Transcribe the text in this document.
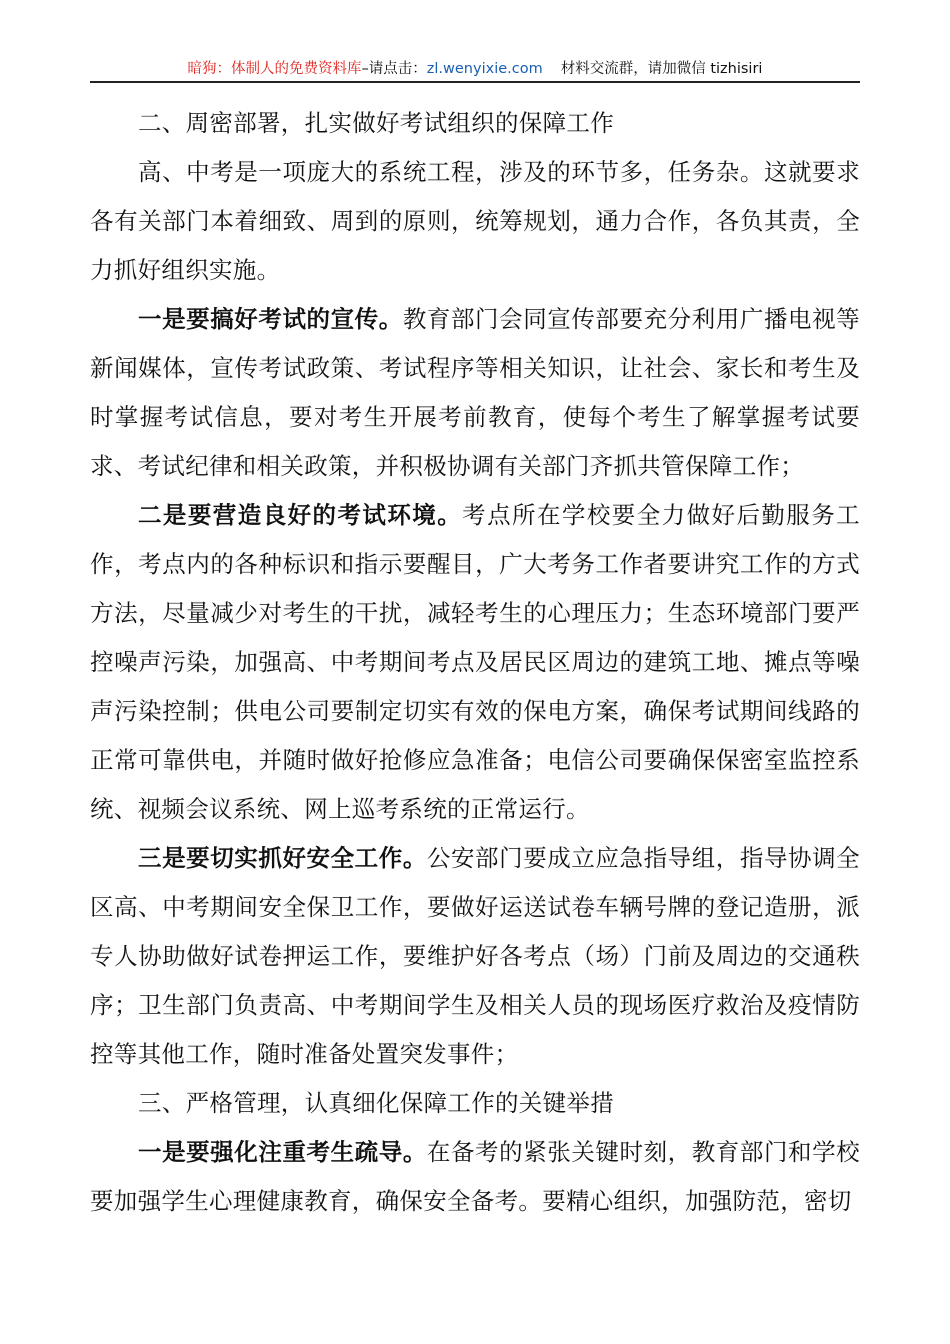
暗狗：体制人的免费资料库–请点击：zl.wenyixie.com 材料交流群，请加微信 tizhisiri

二、周密部署，扎实做好考试组织的保障工作

高、中考是一项庞大的系统工程，涉及的环节多，任务杂。这就要求各有关部门本着细致、周到的原则，统筹规划，通力合作，各负其责，全力抓好组织实施。

一是要搞好考试的宣传。教育部门会同宣传部要充分利用广播电视等新闻媒体，宣传考试政策、考试程序等相关知识，让社会、家长和考生及时掌握考试信息，要对考生开展考前教育，使每个考生了解掌握考试要求、考试纪律和相关政策，并积极协调有关部门齐抓共管保障工作；

二是要营造良好的考试环境。考点所在学校要全力做好后勤服务工作，考点内的各种标识和指示要醒目，广大考务工作者要讲究工作的方式方法，尽量减少对考生的干扰，减轻考生的心理压力；生态环境部门要严控噪声污染，加强高、中考期间考点及居民区周边的建筑工地、摊点等噪声污染控制；供电公司要制定切实有效的保电方案，确保考试期间线路的正常可靠供电，并随时做好抢修应急准备；电信公司要确保保密室监控系统、视频会议系统、网上巡考系统的正常运行。

三是要切实抓好安全工作。公安部门要成立应急指导组，指导协调全区高、中考期间安全保卫工作，要做好运送试卷车辆号牌的登记造册，派专人协助做好试卷押运工作，要维护好各考点（场）门前及周边的交通秩序；卫生部门负责高、中考期间学生及相关人员的现场医疗救治及疫情防控等其他工作，随时准备处置突发事件；

三、严格管理，认真细化保障工作的关键举措

一是要强化注重考生疏导。在备考的紧张关键时刻，教育部门和学校要加强学生心理健康教育，确保安全备考。要精心组织，加强防范，密切
